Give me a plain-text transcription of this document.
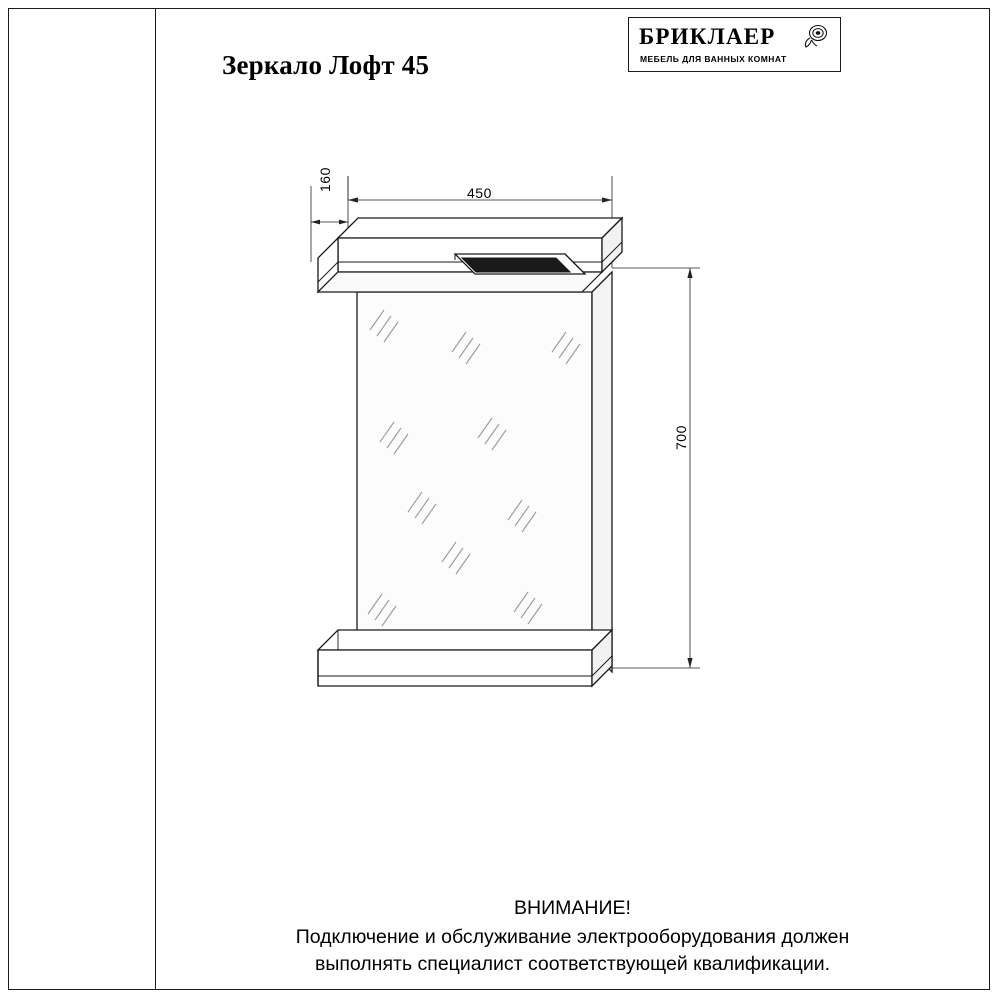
Зеркало Лофт 45
БРИКЛАЕР
МЕБЕЛЬ ДЛЯ ВАННЫХ КОМНАТ
450
160
700
ВНИМАНИЕ!
Подключение и обслуживание электрооборудования должен
выполнять специалист соответствующей квалификации.
